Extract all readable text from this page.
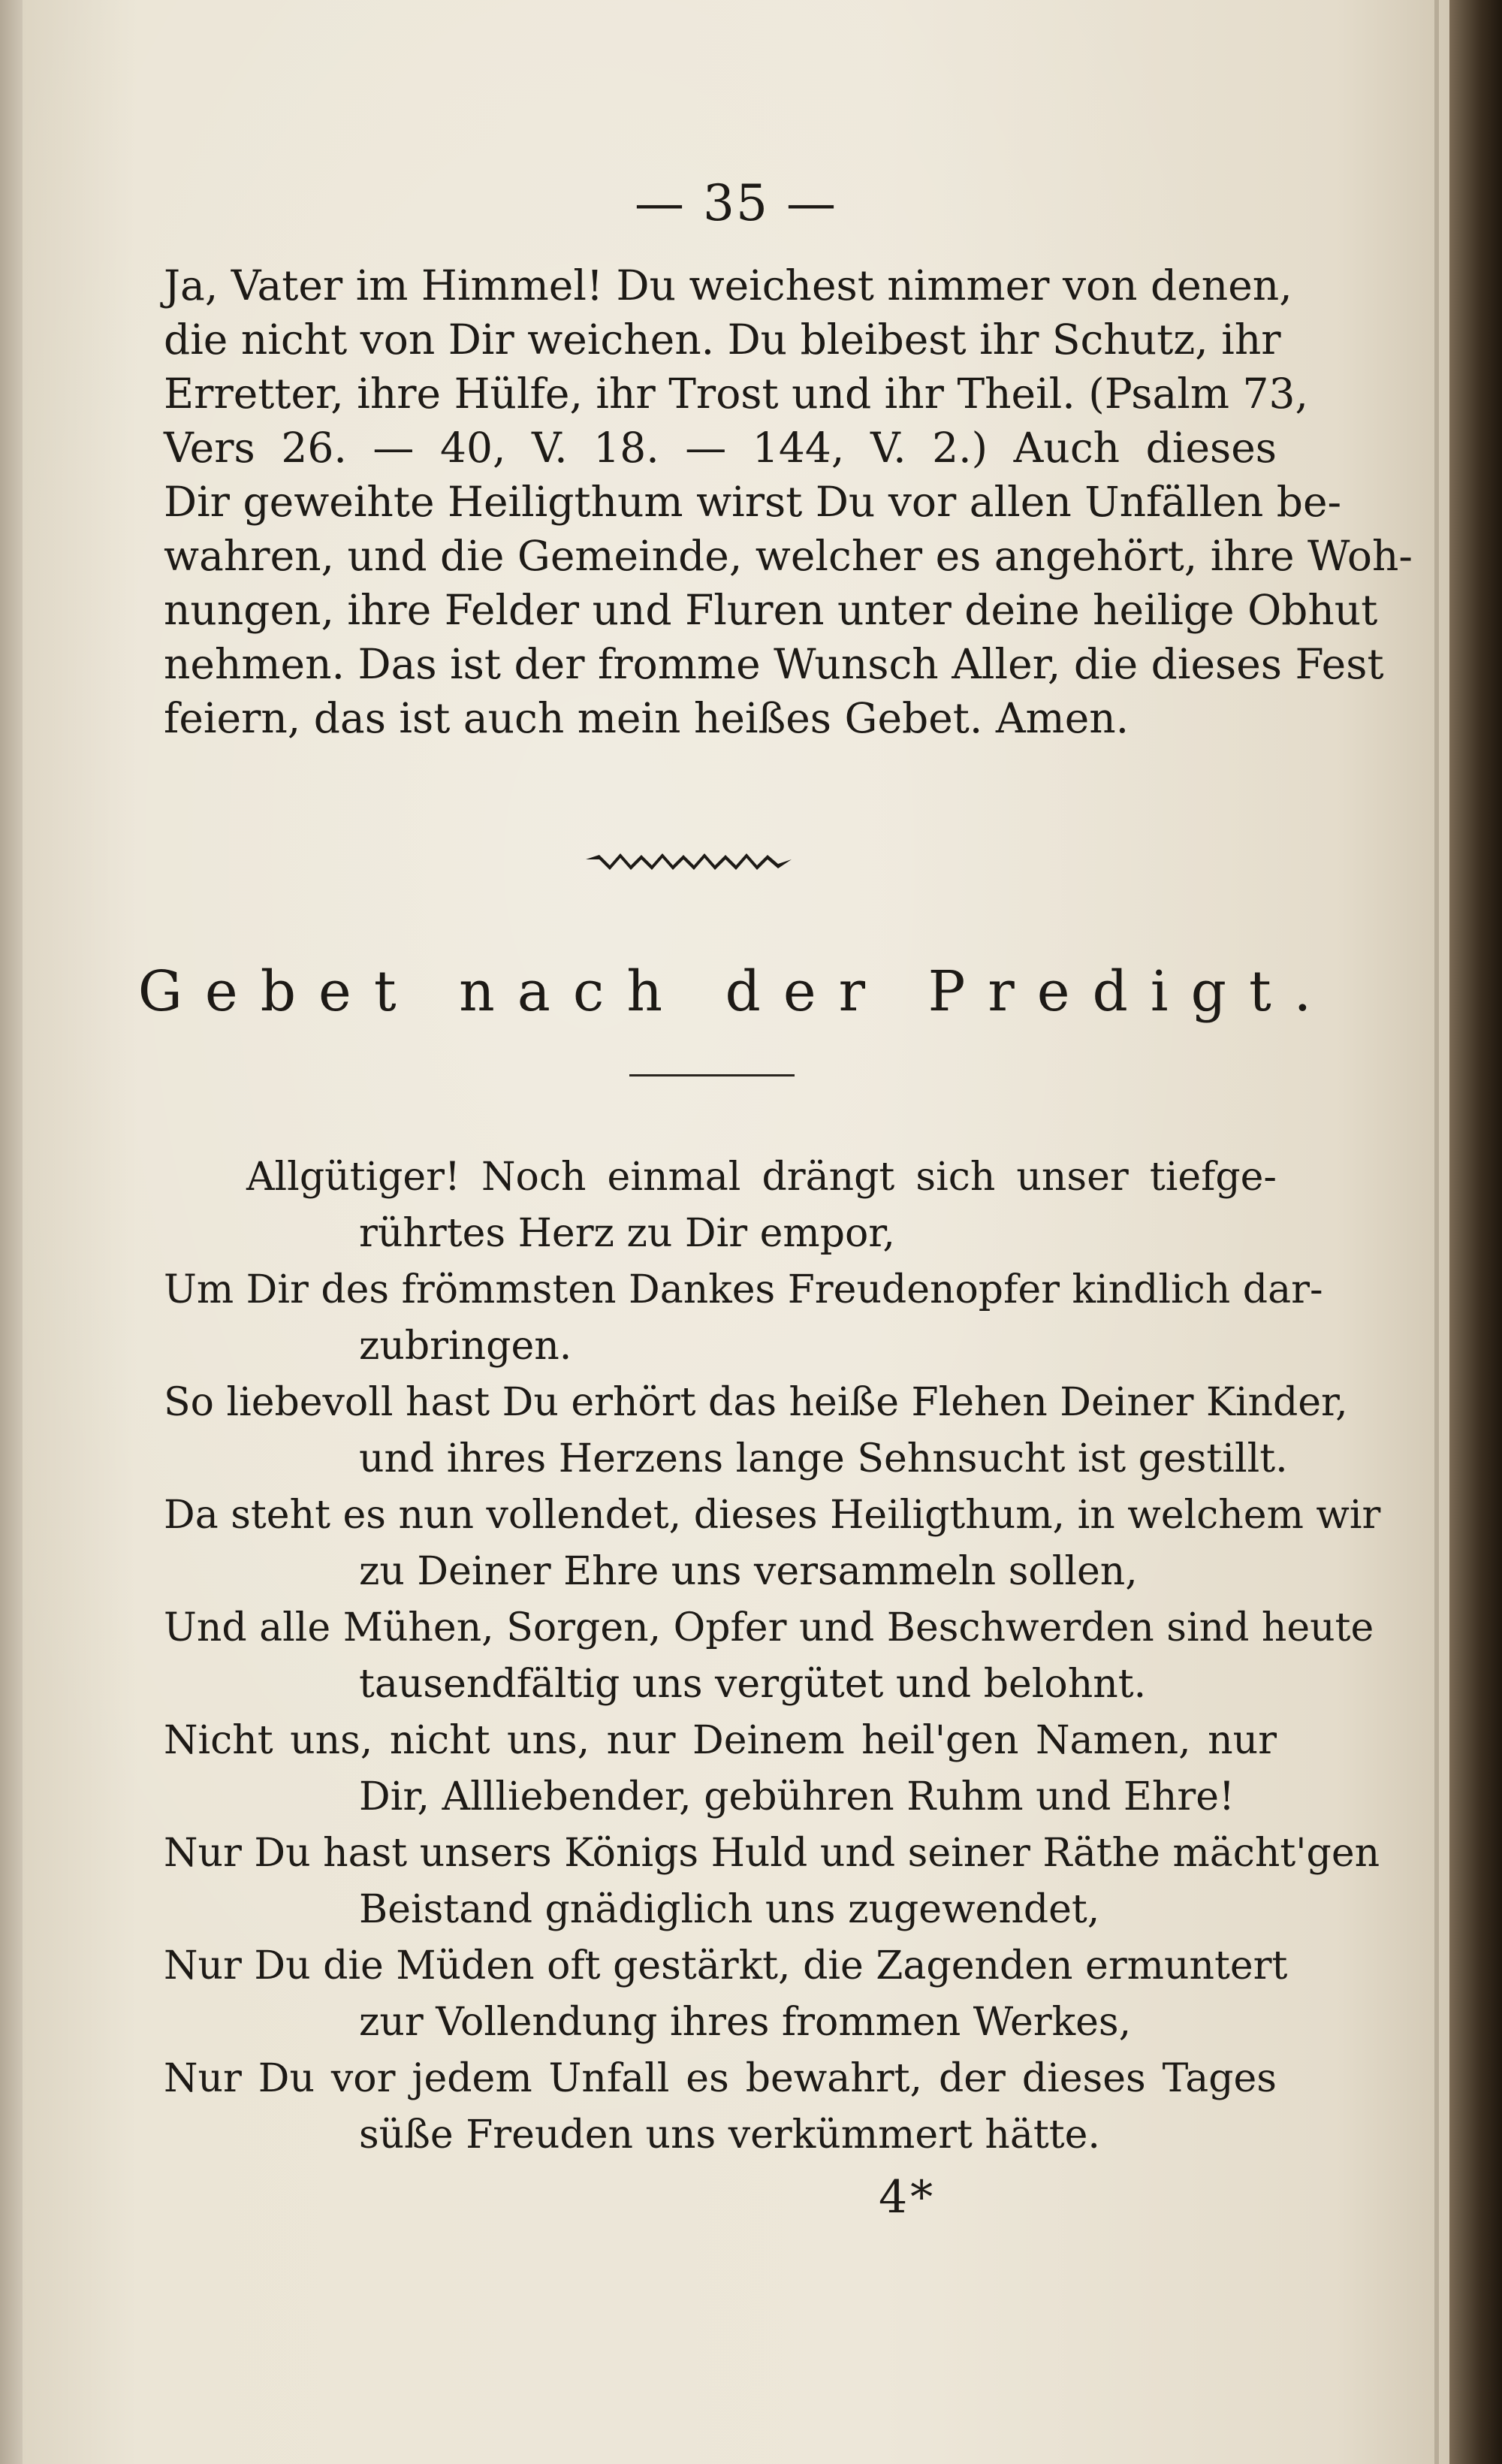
— 35 —
Ja, Vater im Himmel! Du weichest nimmer von denen,
die nicht von Dir weichen. Du bleibest ihr Schutz, ihr
Erretter, ihre Hülfe, ihr Trost und ihr Theil. (Psalm 73,
Vers 26. — 40, V. 18. — 144, V. 2.) Auch dieses
Dir geweihte Heiligthum wirst Du vor allen Unfällen be-
wahren, und die Gemeinde, welcher es angehört, ihre Woh-
nungen, ihre Felder und Fluren unter deine heilige Obhut
nehmen. Das ist der fromme Wunsch Aller, die dieses Fest
feiern, das ist auch mein heißes Gebet. Amen.
Gebet nach der Predigt.
Allgütiger! Noch einmal drängt sich unser tiefge-
rührtes Herz zu Dir empor,
Um Dir des frömmsten Dankes Freudenopfer kindlich dar-
zubringen.
So liebevoll hast Du erhört das heiße Flehen Deiner Kinder,
und ihres Herzens lange Sehnsucht ist gestillt.
Da steht es nun vollendet, dieses Heiligthum, in welchem wir
zu Deiner Ehre uns versammeln sollen,
Und alle Mühen, Sorgen, Opfer und Beschwerden sind heute
tausendfältig uns vergütet und belohnt.
Nicht uns, nicht uns, nur Deinem heil'gen Namen, nur
Dir, Allliebender, gebühren Ruhm und Ehre!
Nur Du hast unsers Königs Huld und seiner Räthe mächt'gen
Beistand gnädiglich uns zugewendet,
Nur Du die Müden oft gestärkt, die Zagenden ermuntert
zur Vollendung ihres frommen Werkes,
Nur Du vor jedem Unfall es bewahrt, der dieses Tages
süße Freuden uns verkümmert hätte.
4*
